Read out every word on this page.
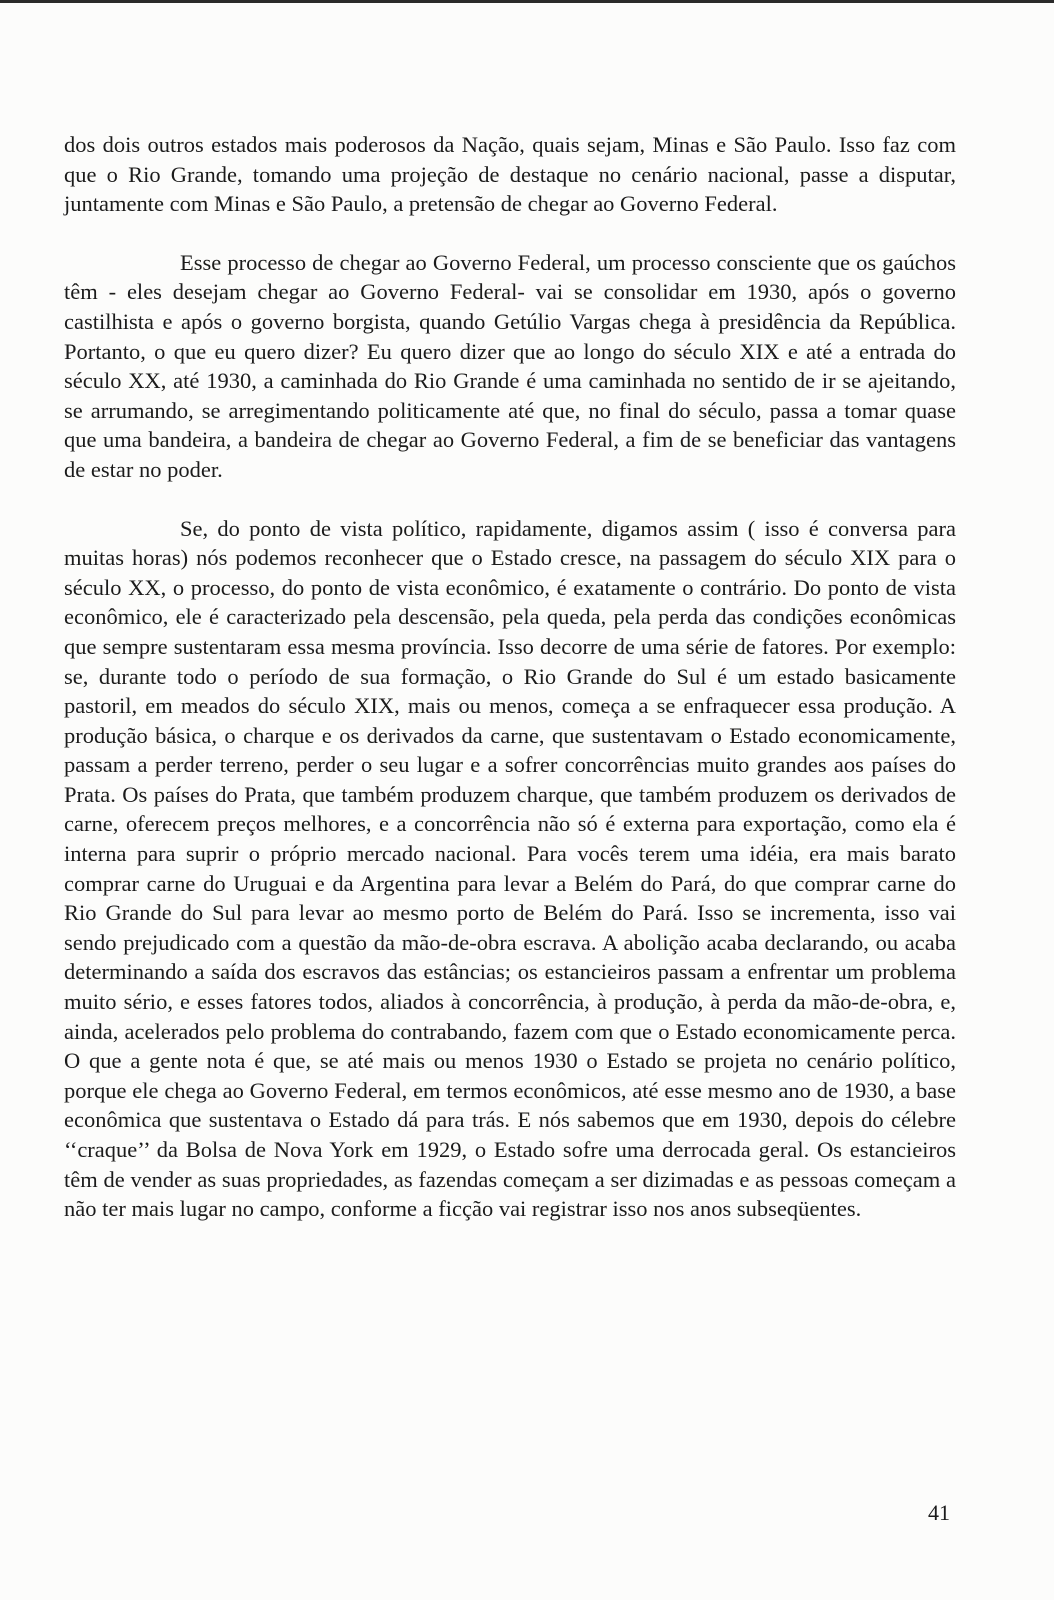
dos dois outros estados mais poderosos da Nação, quais sejam, Minas e São Paulo. Isso faz com que o Rio Grande, tomando uma projeção de destaque no cenário nacional, passe a disputar, juntamente com Minas e São Paulo, a pretensão de chegar ao Governo Federal.

Esse processo de chegar ao Governo Federal, um processo consciente que os gaúchos têm - eles desejam chegar ao Governo Federal- vai se consolidar em 1930, após o governo castilhista e após o governo borgista, quando Getúlio Vargas chega à presidência da República. Portanto, o que eu quero dizer? Eu quero dizer que ao longo do século XIX e até a entrada do século XX, até 1930, a caminhada do Rio Grande é uma caminhada no sentido de ir se ajeitando, se arrumando, se arregimentando politicamente até que, no final do século, passa a tomar quase que uma bandeira, a bandeira de chegar ao Governo Federal, a fim de se beneficiar das vantagens de estar no poder.

Se, do ponto de vista político, rapidamente, digamos assim ( isso é conversa para muitas horas) nós podemos reconhecer que o Estado cresce, na passagem do século XIX para o século XX, o processo, do ponto de vista econômico, é exatamente o contrário. Do ponto de vista econômico, ele é caracterizado pela descensão, pela queda, pela perda das condições econômicas que sempre sustentaram essa mesma província. Isso decorre de uma série de fatores. Por exemplo: se, durante todo o período de sua formação, o Rio Grande do Sul é um estado basicamente pastoril, em meados do século XIX, mais ou menos, começa a se enfraquecer essa produção. A produção básica, o charque e os derivados da carne, que sustentavam o Estado economicamente, passam a perder terreno, perder o seu lugar e a sofrer concorrências muito grandes aos países do Prata. Os países do Prata, que também produzem charque, que também produzem os derivados de carne, oferecem preços melhores, e a concorrência não só é externa para exportação, como ela é interna para suprir o próprio mercado nacional. Para vocês terem uma idéia, era mais barato comprar carne do Uruguai e da Argentina para levar a Belém do Pará, do que comprar carne do Rio Grande do Sul para levar ao mesmo porto de Belém do Pará. Isso se incrementa, isso vai sendo prejudicado com a questão da mão-de-obra escrava. A abolição acaba declarando, ou acaba determinando a saída dos escravos das estâncias; os estancieiros passam a enfrentar um problema muito sério, e esses fatores todos, aliados à concorrência, à produção, à perda da mão-de-obra, e, ainda, acelerados pelo problema do contrabando, fazem com que o Estado economicamente perca. O que a gente nota é que, se até mais ou menos 1930 o Estado se projeta no cenário político, porque ele chega ao Governo Federal, em termos econômicos, até esse mesmo ano de 1930, a base econômica que sustentava o Estado dá para trás. E nós sabemos que em 1930, depois do célebre ‘‘craque’’ da Bolsa de Nova York em 1929, o Estado sofre uma derrocada geral. Os estancieiros têm de vender as suas propriedades, as fazendas começam a ser dizimadas e as pessoas começam a não ter mais lugar no campo, conforme a ficção vai registrar isso nos anos subseqüentes.

41
